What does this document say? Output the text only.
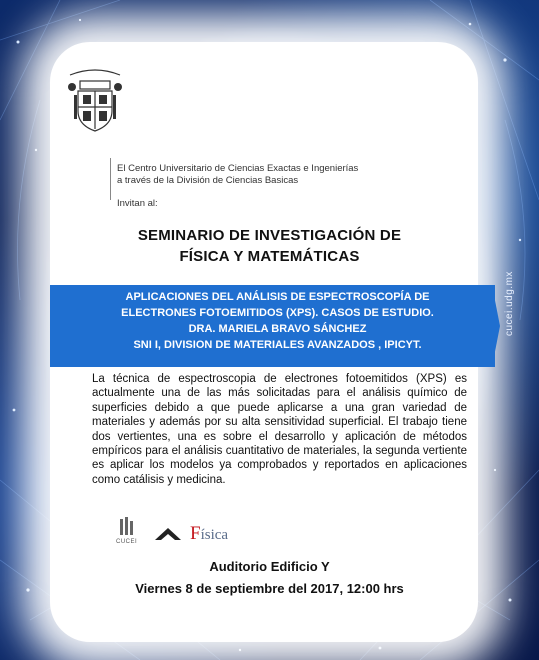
El Centro Universitario de Ciencias Exactas e Ingenierías
a través de la División de Ciencias Basicas
Invitan al:
SEMINARIO DE INVESTIGACIÓN DE
FÍSICA Y MATEMÁTICAS
APLICACIONES DEL ANÁLISIS DE ESPECTROSCOPÍA DE
ELECTRONES FOTOEMITIDOS (XPS). CASOS DE ESTUDIO.
DRA. MARIELA BRAVO SÁNCHEZ
SNI I, DIVISION DE MATERIALES AVANZADOS , IPICYT.
cucei.udg.mx
La técnica de espectroscopia de electrones fotoemitidos (XPS) es actualmente una de las más solicitadas para el análisis químico de superficies debido a que puede aplicarse a una gran variedad de materiales y además por su alta sensitividad superficial. El trabajo tiene dos vertientes, una es sobre el desarrollo y aplicación de métodos empíricos para el análisis cuantitativo de materiales, la segunda vertiente es aplicar los modelos ya comprobados y reportados en aplicaciones como catálisis y medicina.
CUCEI	Física
Auditorio Edificio Y
Viernes 8 de septiembre del 2017, 12:00 hrs
